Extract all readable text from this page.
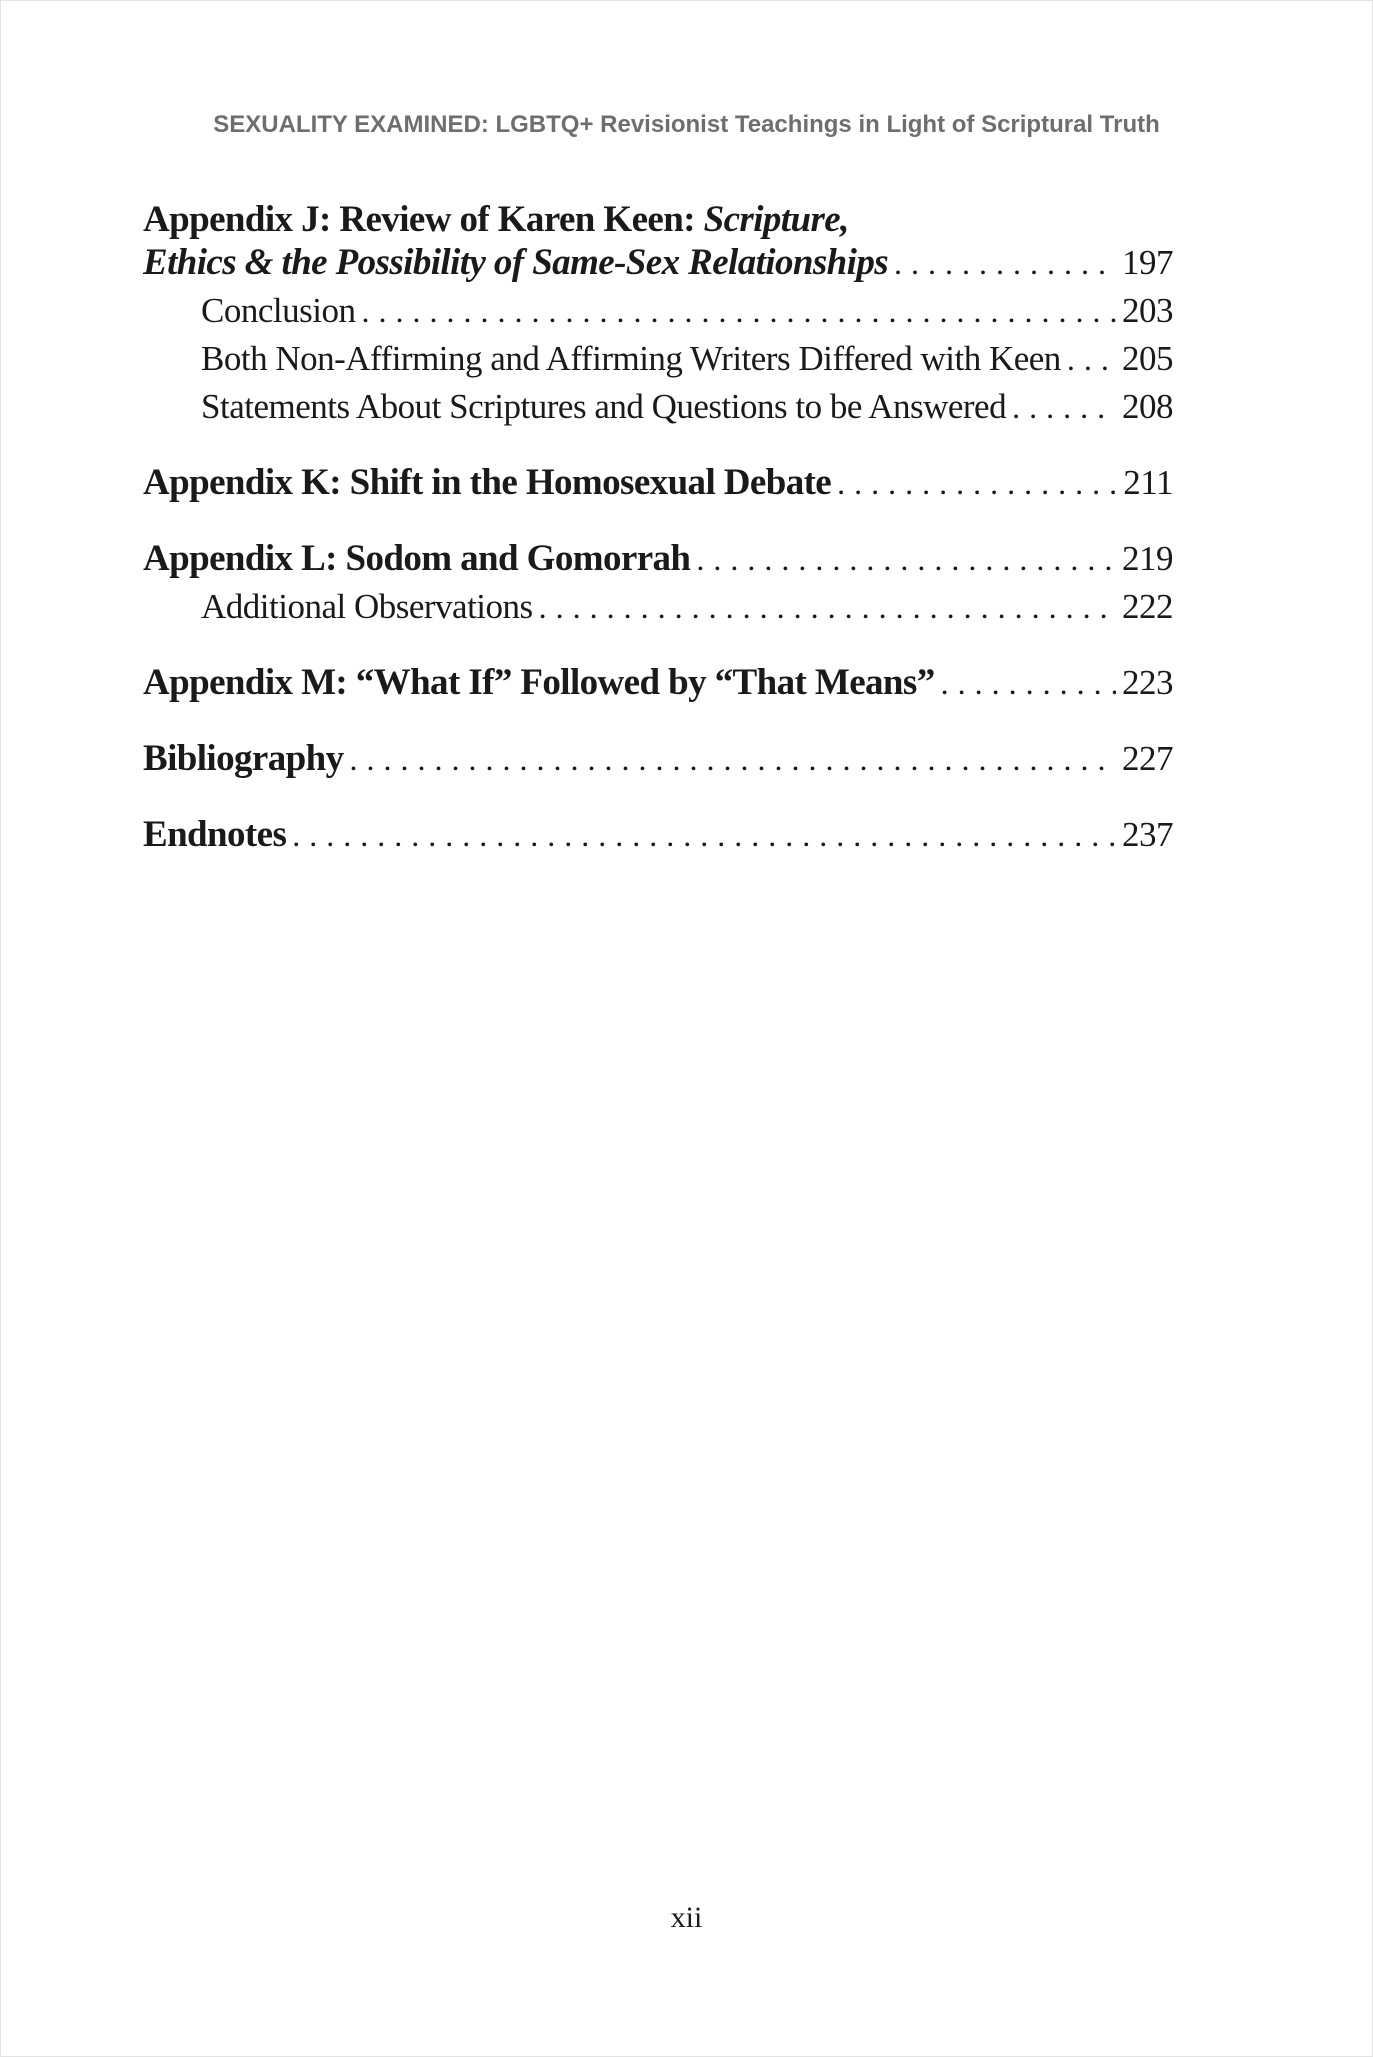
SEXUALITY EXAMINED: LGBTQ+ Revisionist Teachings in Light of Scriptural Truth
Appendix J: Review of Karen Keen: Scripture,
Ethics & the Possibility of Same-Sex Relationships . . .	197
Conclusion . . .	203
Both Non-Affirming and Affirming Writers Differed with Keen . . . 205
Statements About Scriptures and Questions to be Answered . . .	208
Appendix K: Shift in the Homosexual Debate . . .	211
Appendix L: Sodom and Gomorrah . . .	219
Additional Observations . . .	222
Appendix M: “What If” Followed by “That Means” . . .	223
Bibliography . . .	227
Endnotes . . .	237
xii
